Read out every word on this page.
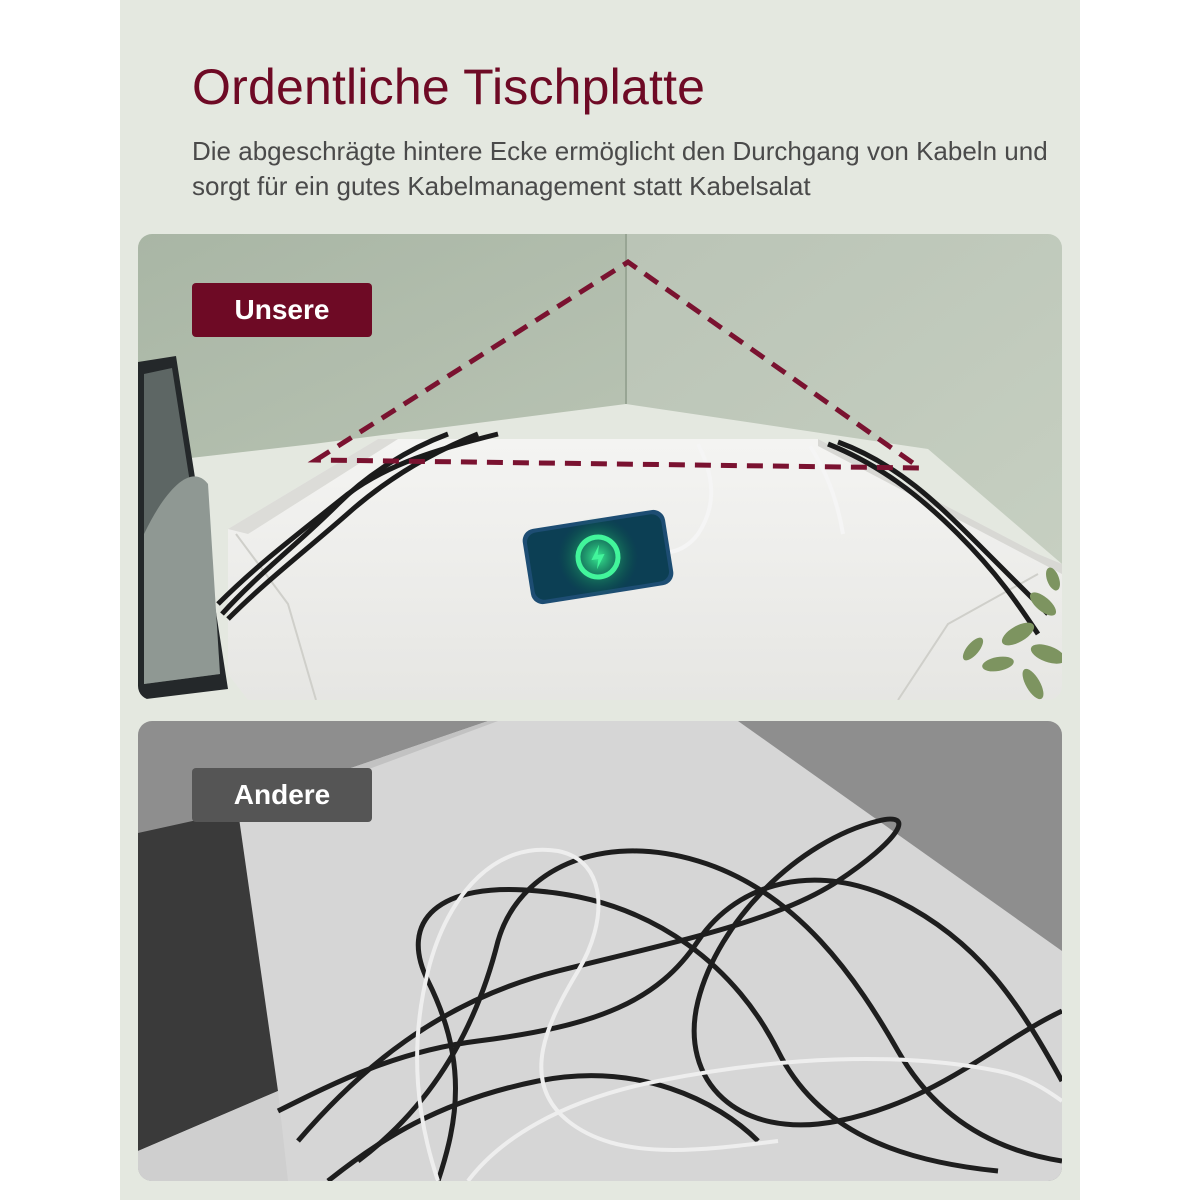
Ordentliche Tischplatte

Die abgeschrägte hintere Ecke ermöglicht den Durchgang von Kabeln und sorgt für ein gutes Kabelmanagement statt Kabelsalat

Unsere
Andere
